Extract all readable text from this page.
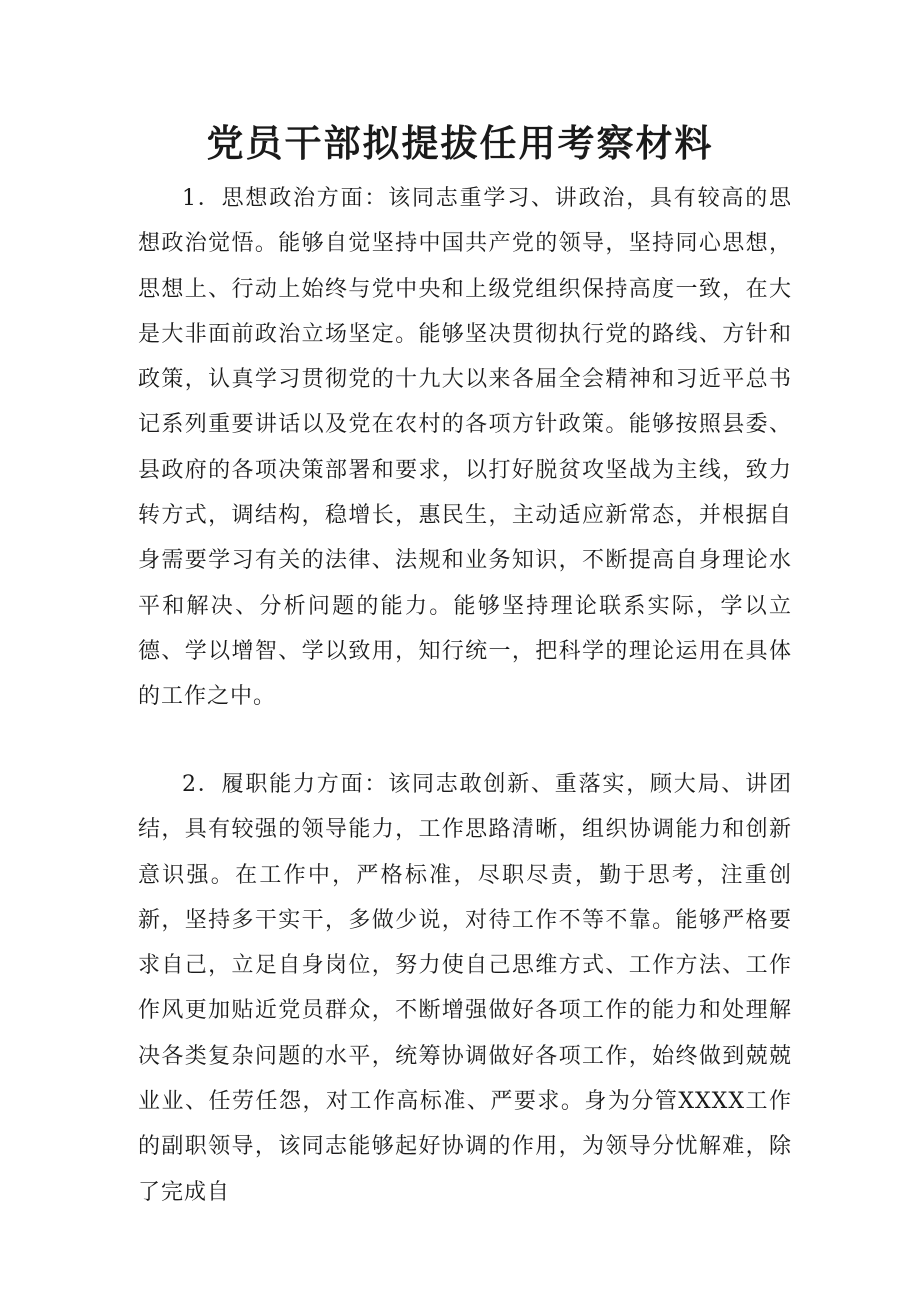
党员干部拟提拔任用考察材料

1．思想政治方面：该同志重学习、讲政治，具有较高的思想政治觉悟。能够自觉坚持中国共产党的领导，坚持同心思想，思想上、行动上始终与党中央和上级党组织保持高度一致，在大是大非面前政治立场坚定。能够坚决贯彻执行党的路线、方针和政策，认真学习贯彻党的十九大以来各届全会精神和习近平总书记系列重要讲话以及党在农村的各项方针政策。能够按照县委、县政府的各项决策部署和要求，以打好脱贫攻坚战为主线，致力转方式，调结构，稳增长，惠民生，主动适应新常态，并根据自身需要学习有关的法律、法规和业务知识，不断提高自身理论水平和解决、分析问题的能力。能够坚持理论联系实际，学以立德、学以增智、学以致用，知行统一，把科学的理论运用在具体的工作之中。

2．履职能力方面：该同志敢创新、重落实，顾大局、讲团结，具有较强的领导能力，工作思路清晰，组织协调能力和创新意识强。在工作中，严格标准，尽职尽责，勤于思考，注重创新，坚持多干实干，多做少说，对待工作不等不靠。能够严格要求自己，立足自身岗位，努力使自己思维方式、工作方法、工作作风更加贴近党员群众，不断增强做好各项工作的能力和处理解决各类复杂问题的水平，统筹协调做好各项工作，始终做到兢兢业业、任劳任怨，对工作高标准、严要求。身为分管XXXX工作的副职领导，该同志能够起好协调的作用，为领导分忧解难，除了完成自
